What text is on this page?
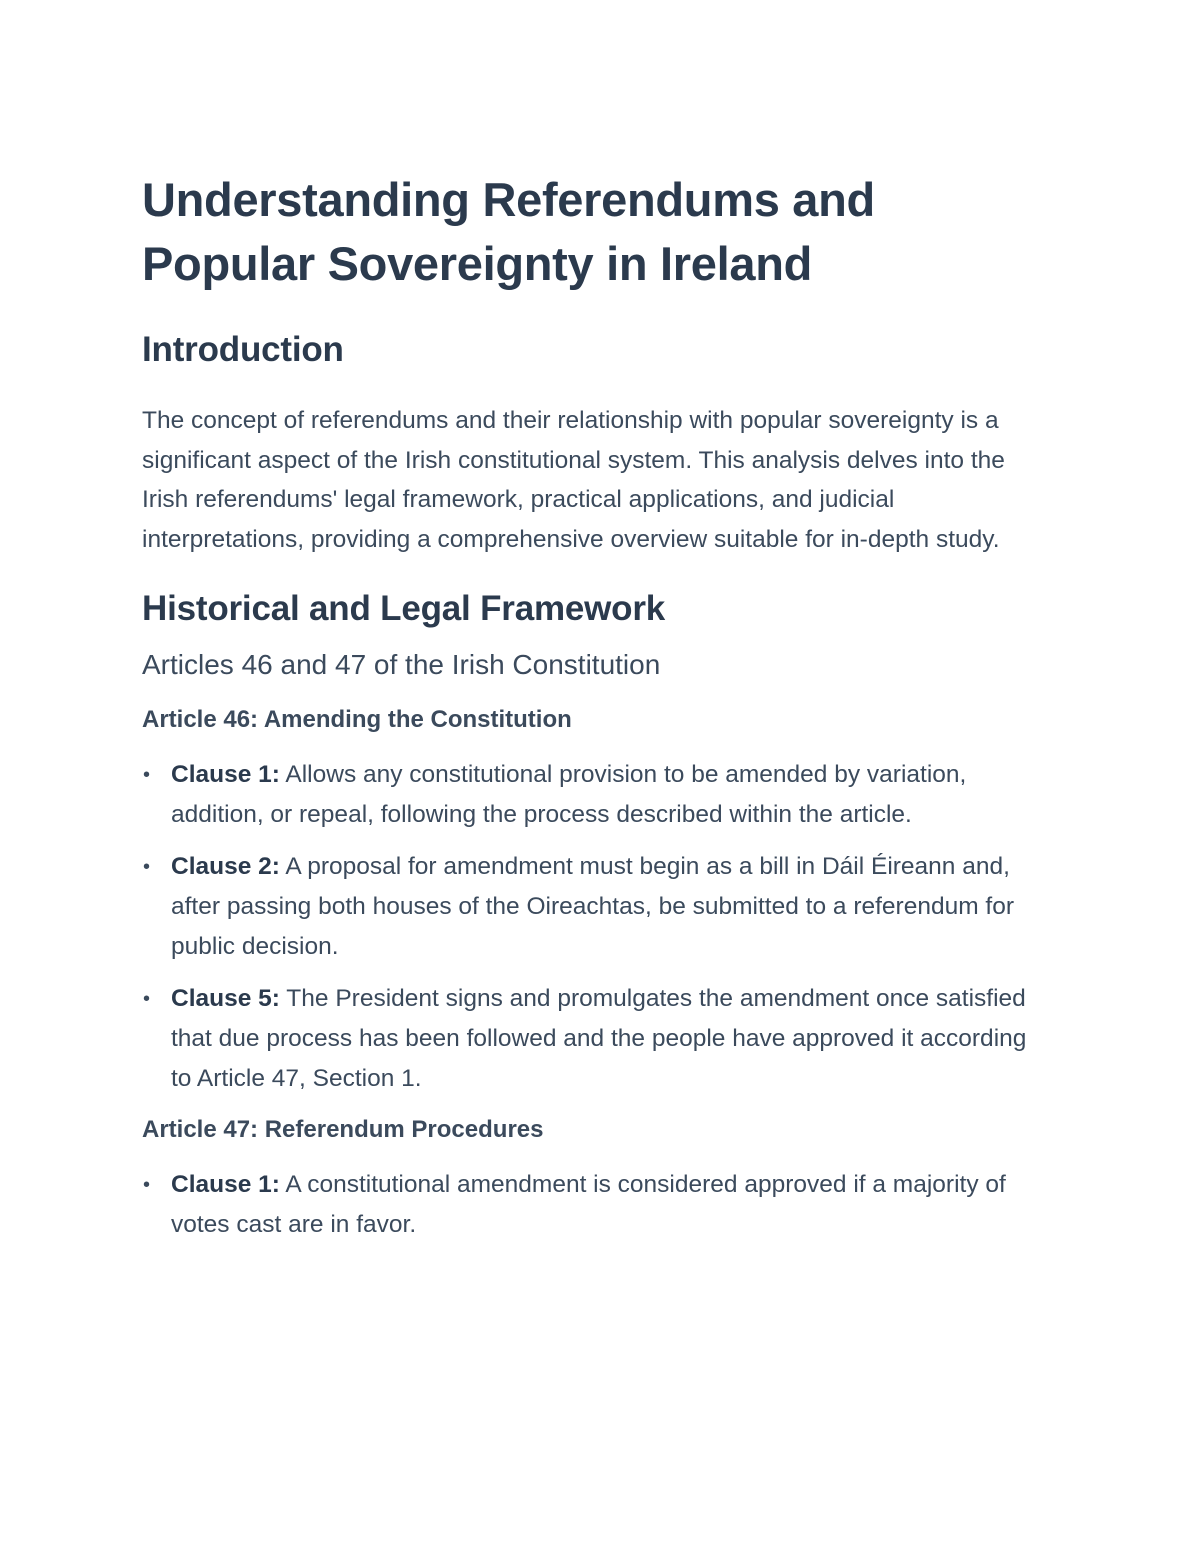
Understanding Referendums and Popular Sovereignty in Ireland
Introduction

The concept of referendums and their relationship with popular sovereignty is a significant aspect of the Irish constitutional system. This analysis delves into the Irish referendums' legal framework, practical applications, and judicial interpretations, providing a comprehensive overview suitable for in-depth study.

Historical and Legal Framework
Articles 46 and 47 of the Irish Constitution
Article 46: Amending the Constitution
• Clause 1: Allows any constitutional provision to be amended by variation, addition, or repeal, following the process described within the article.
• Clause 2: A proposal for amendment must begin as a bill in Dáil Éireann and, after passing both houses of the Oireachtas, be submitted to a referendum for public decision.
• Clause 5: The President signs and promulgates the amendment once satisfied that due process has been followed and the people have approved it according to Article 47, Section 1.
Article 47: Referendum Procedures
• Clause 1: A constitutional amendment is considered approved if a majority of votes cast are in favor.
